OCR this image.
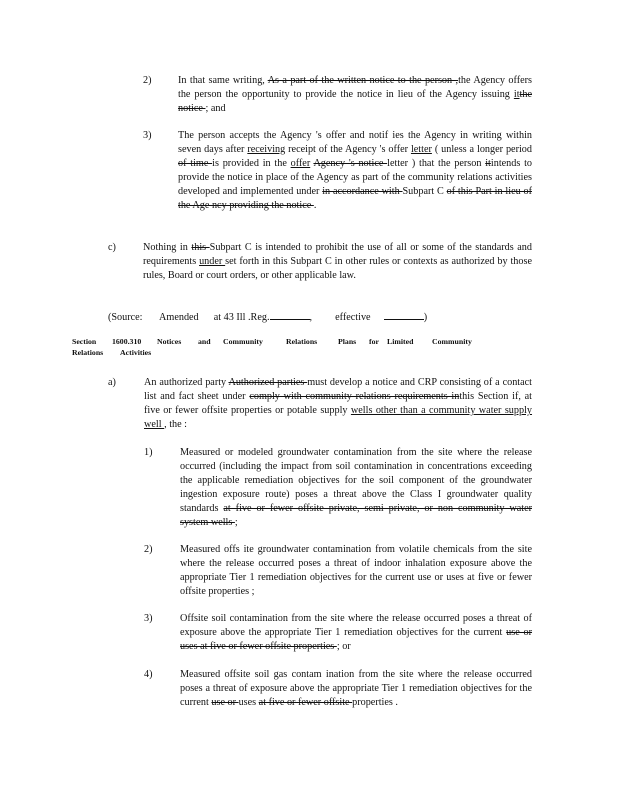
2)	In that same writing, As a part of the written notice to the person ,the Agency offers the person the opportunity to provide the notice in lieu of the Agency issuing itthe notice ; and
3)	The person accepts the Agency 's offer and notif ies the Agency in writing within seven days after receiving receipt of the Agency 's offer letter ( unless a longer period of time is provided in the offer Agency 's notice letter ) that the person itintends to provide the notice in place of the Agency as part of the community relations activities developed and implemented under in accordance with Subpart C of this Part in lieu of the Age ncy providing the notice .
c)	Nothing in this Subpart C is intended to prohibit the use of all or some of the standards and requirements under set forth in this Subpart C in other rules or contexts as authorized by those rules, Board or court orders, or other applicable law.
(Source: Amended at 43 Ill .Reg.	,  effective	)
Section 1600.310 Notices and Community	Relations	Plans for Limited Community
Relations Activities
a)	An authorized party Authorized parties must develop a notice and CRP consisting of a contact list and fact sheet under comply with community relations requirements inthis Section if, at five or fewer offsite properties or potable supply wells other than a community water supply well , the :
1)	Measured or modeled groundwater contamination from the site where the release occurred (including the impact from soil contamination in concentrations exceeding the applicable remediation objectives for the soil component of the groundwater ingestion exposure route) poses a threat above the Class I groundwater quality standards at five or fewer offsite private, semi private, or non community water system wells ;
2)	Measured offs ite groundwater contamination from volatile chemicals from the site where the release occurred poses a threat of indoor inhalation exposure above the appropriate Tier 1 remediation objectives for the current use or uses at five or fewer offsite properties ;
3)	Offsite soil contamination from the site where the release occurred poses a threat of exposure above the appropriate Tier 1 remediation objectives for the current use or uses at five or fewer offsite properties ; or
4)	Measured offsite soil gas contam ination from the site where the release occurred poses a threat of exposure above the appropriate Tier 1 remediation objectives for the current use or uses at five or fewer offsite properties .
